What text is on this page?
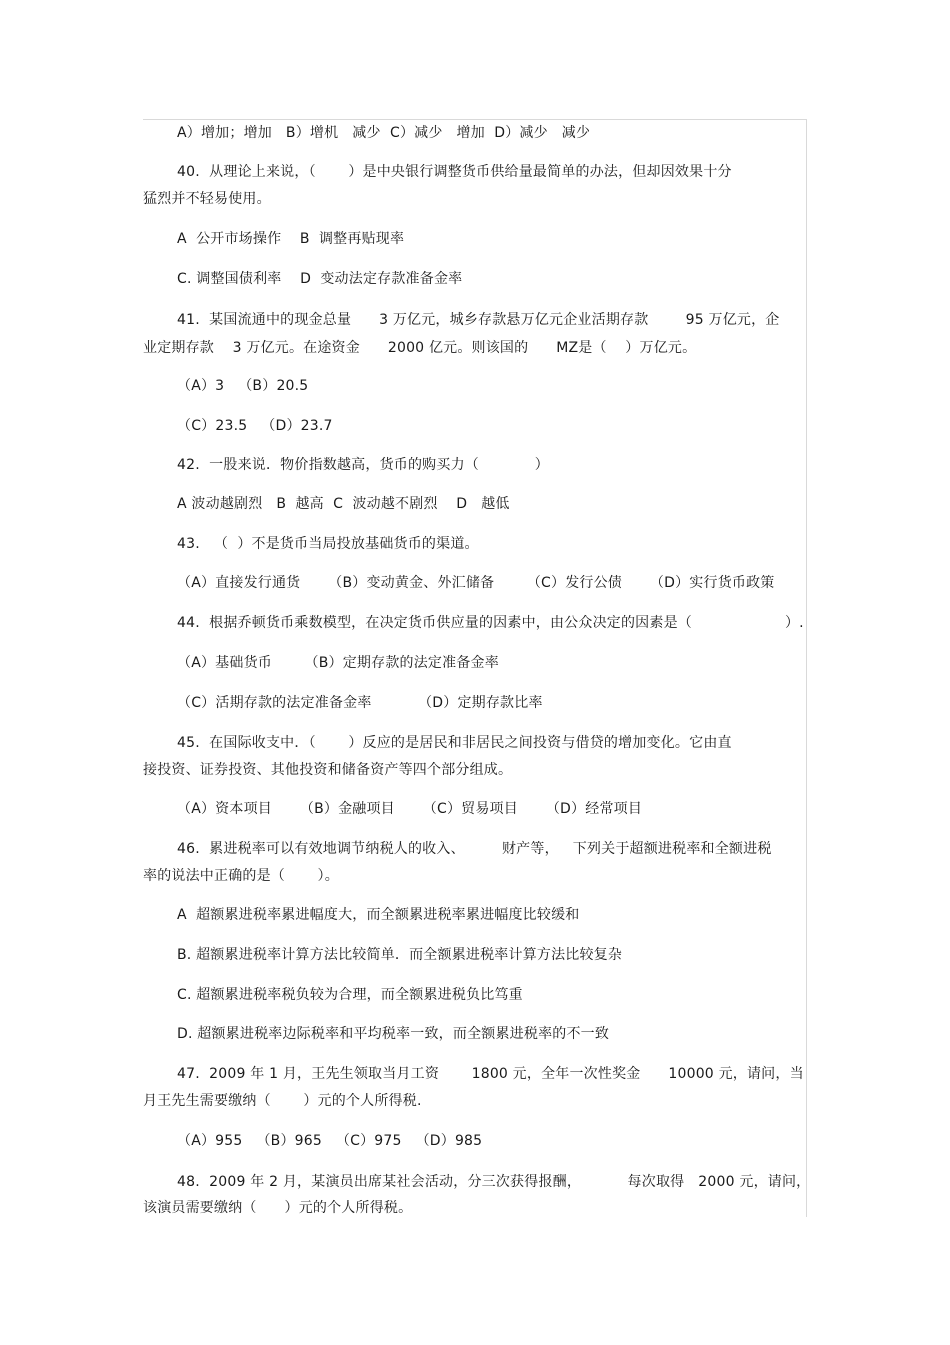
A）增加；增加   B）增机   减少  C）减少   增加  D）减少   减少
40.  从理论上来说，（       ）是中央银行调整货币供给量最简单的办法，但却因效果十分
猛烈并不轻易使用。
A  公开市场操作    B  调整再贴现率
C. 调整国债利率    D  变动法定存款准备金率
41.  某国流通中的现金总量      3 万亿元，城乡存款悬万亿元企业活期存款        95 万亿元，企
业定期存款    3 万亿元。在途资金      2000 亿元。则该国的      MZ是（    ）万亿元。
（A）3   （B）20.5
（C）23.5   （D）23.7
42.  一股来说．物价指数越高，货币的购买力（            ）
A 波动越剧烈   B  越高  C  波动越不剧烈    D   越低
43.   （  ）不是货币当局投放基础货币的渠道。
（A）直接发行通货      （B）变动黄金、外汇储备       （C）发行公债      （D）实行货币政策
44.  根据乔顿货币乘数模型，在决定货币供应量的因素中，由公众决定的因素是（                    ）.
（A）基础货币       （B）定期存款的法定准备金率
（C）活期存款的法定准备金率          （D）定期存款比率
45.  在国际收支中．（       ）反应的是居民和非居民之间投资与借贷的增加变化。它由直
接投资、证券投资、其他投资和储备资产等四个部分组成。
（A）资本项目      （B）金融项目      （C）贸易项目      （D）经常项目
46.  累进税率可以有效地调节纳税人的收入、        财产等，   下列关于超额进税率和全额进税
率的说法中正确的是（       ）。
A  超额累进税率累进幅度大，而全额累进税率累进幅度比较缓和
B. 超额累进税率计算方法比较简单．而全额累进税率计算方法比较复杂
C. 超额累进税率税负较为合理，而全额累进税负比笃重
D. 超额累进税率边际税率和平均税率一致，而全额累进税率的不一致
47.  2009 年 1 月，王先生领取当月工资       1800 元，全年一次性奖金      10000 元，请问，当
月王先生需要缴纳（       ）元的个人所得税.
（A）955   （B）965   （C）975   （D）985
48.  2009 年 2 月，某演员出席某社会活动，分三次获得报酬，          每次取得   2000 元，请问，
该演员需要缴纳（      ）元的个人所得税。
